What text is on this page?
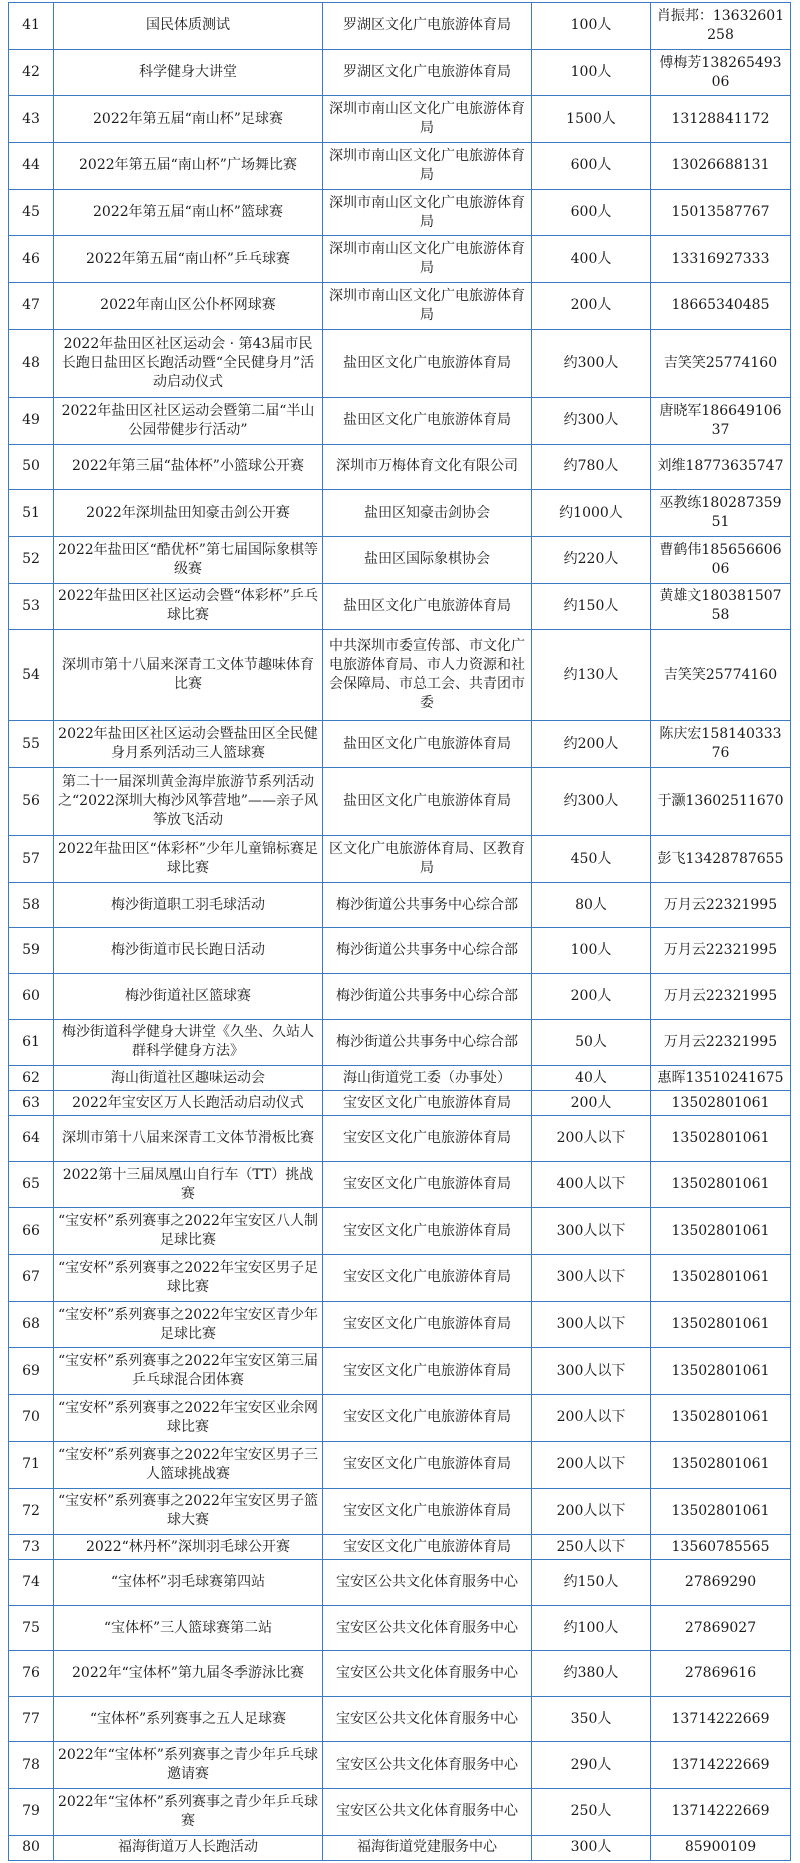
41	国民体质测试	罗湖区文化广电旅游体育局	100人	肖振邦：13632601258
42	科学健身大讲堂	罗湖区文化广电旅游体育局	100人	傅梅芳13826549306
43	2022年第五届“南山杯”足球赛	深圳市南山区文化广电旅游体育局	1500人	13128841172
44	2022年第五届“南山杯”广场舞比赛	深圳市南山区文化广电旅游体育局	600人	13026688131
45	2022年第五届“南山杯”篮球赛	深圳市南山区文化广电旅游体育局	600人	15013587767
46	2022年第五届“南山杯”乒乓球赛	深圳市南山区文化广电旅游体育局	400人	13316927333
47	2022年南山区公仆杯网球赛	深圳市南山区文化广电旅游体育局	200人	18665340485
48	2022年盐田区社区运动会 · 第43届市民长跑日盐田区长跑活动暨“全民健身月”活动启动仪式	盐田区文化广电旅游体育局	约300人	吉笑笑25774160
49	2022年盐田区社区运动会暨第二届“半山公园带健步行活动”	盐田区文化广电旅游体育局	约300人	唐晓军18664910637
50	2022年第三届“盐体杯”小篮球公开赛	深圳市万梅体育文化有限公司	约780人	刘维18773635747
51	2022年深圳盐田知豪击剑公开赛	盐田区知豪击剑协会	约1000人	巫教练18028735951
52	2022年盐田区“酷优杯”第七届国际象棋等级赛	盐田区国际象棋协会	约220人	曹鹤伟18565660606
53	2022年盐田区社区运动会暨“体彩杯”乒乓球比赛	盐田区文化广电旅游体育局	约150人	黄雄文18038150758
54	深圳市第十八届来深青工文体节趣味体育比赛	中共深圳市委宣传部、市文化广电旅游体育局、市人力资源和社会保障局、市总工会、共青团市委	约130人	吉笑笑25774160
55	2022年盐田区社区运动会暨盐田区全民健身月系列活动三人篮球赛	盐田区文化广电旅游体育局	约200人	陈庆宏15814033376
56	第二十一届深圳黄金海岸旅游节系列活动之“2022深圳大梅沙风筝营地”——亲子风筝放飞活动	盐田区文化广电旅游体育局	约300人	于灏13602511670
57	2022年盐田区“体彩杯”少年儿童锦标赛足球比赛	区文化广电旅游体育局、区教育局	450人	彭飞13428787655
58	梅沙街道职工羽毛球活动	梅沙街道公共事务中心综合部	80人	万月云22321995
59	梅沙街道市民长跑日活动	梅沙街道公共事务中心综合部	100人	万月云22321995
60	梅沙街道社区篮球赛	梅沙街道公共事务中心综合部	200人	万月云22321995
61	梅沙街道科学健身大讲堂《久坐、久站人群科学健身方法》	梅沙街道公共事务中心综合部	50人	万月云22321995
62	海山街道社区趣味运动会	海山街道党工委（办事处）	40人	惠晖13510241675
63	2022年宝安区万人长跑活动启动仪式	宝安区文化广电旅游体育局	200人	13502801061
64	深圳市第十八届来深青工文体节滑板比赛	宝安区文化广电旅游体育局	200人以下	13502801061
65	2022第十三届凤凰山自行车（TT）挑战赛	宝安区文化广电旅游体育局	400人以下	13502801061
66	“宝安杯”系列赛事之2022年宝安区八人制足球比赛	宝安区文化广电旅游体育局	300人以下	13502801061
67	“宝安杯”系列赛事之2022年宝安区男子足球比赛	宝安区文化广电旅游体育局	300人以下	13502801061
68	“宝安杯”系列赛事之2022年宝安区青少年足球比赛	宝安区文化广电旅游体育局	300人以下	13502801061
69	“宝安杯”系列赛事之2022年宝安区第三届乒乓球混合团体赛	宝安区文化广电旅游体育局	300人以下	13502801061
70	“宝安杯”系列赛事之2022年宝安区业余网球比赛	宝安区文化广电旅游体育局	200人以下	13502801061
71	“宝安杯”系列赛事之2022年宝安区男子三人篮球挑战赛	宝安区文化广电旅游体育局	200人以下	13502801061
72	“宝安杯”系列赛事之2022年宝安区男子篮球大赛	宝安区文化广电旅游体育局	200人以下	13502801061
73	2022“林丹杯”深圳羽毛球公开赛	宝安区文化广电旅游体育局	250人以下	13560785565
74	“宝体杯”羽毛球赛第四站	宝安区公共文化体育服务中心	约150人	27869290
75	“宝体杯”三人篮球赛第二站	宝安区公共文化体育服务中心	约100人	27869027
76	2022年“宝体杯”第九届冬季游泳比赛	宝安区公共文化体育服务中心	约380人	27869616
77	“宝体杯”系列赛事之五人足球赛	宝安区公共文化体育服务中心	350人	13714222669
78	2022年“宝体杯”系列赛事之青少年乒乓球邀请赛	宝安区公共文化体育服务中心	290人	13714222669
79	2022年“宝体杯”系列赛事之青少年乒乓球赛	宝安区公共文化体育服务中心	250人	13714222669
80	福海街道万人长跑活动	福海街道党建服务中心	300人	85900109
